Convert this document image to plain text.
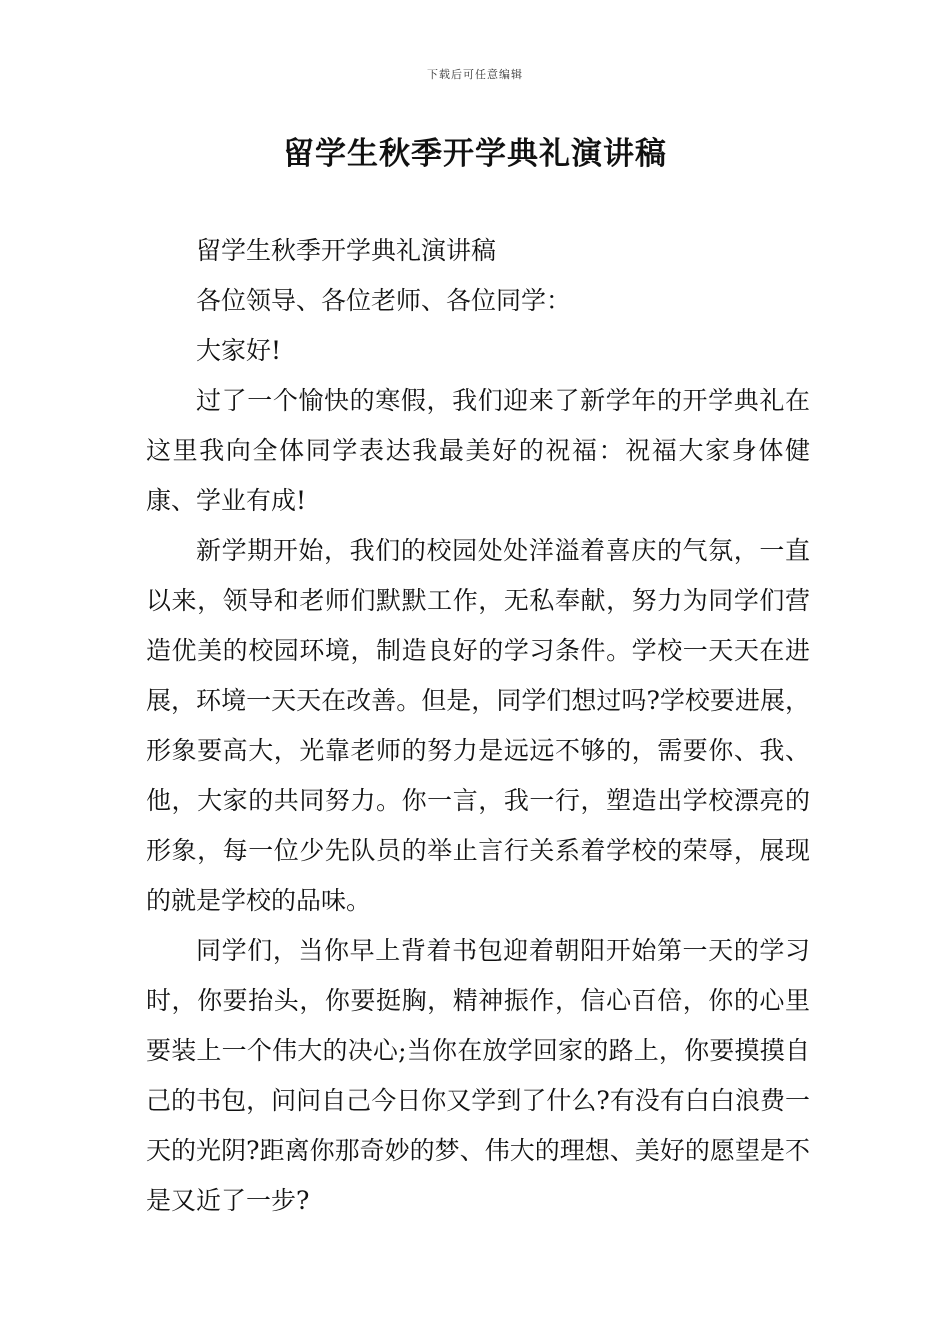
下载后可任意编辑
留学生秋季开学典礼演讲稿

留学生秋季开学典礼演讲稿

各位领导、各位老师、各位同学：

大家好!

过了一个愉快的寒假，我们迎来了新学年的开学典礼在这里我向全体同学表达我最美好的祝福：祝福大家身体健康、学业有成!

新学期开始，我们的校园处处洋溢着喜庆的气氛，一直以来，领导和老师们默默工作，无私奉献，努力为同学们营造优美的校园环境，制造良好的学习条件。学校一天天在进展，环境一天天在改善。但是，同学们想过吗?学校要进展，形象要高大，光靠老师的努力是远远不够的，需要你、我、他，大家的共同努力。你一言，我一行，塑造出学校漂亮的形象，每一位少先队员的举止言行关系着学校的荣辱，展现的就是学校的品味。

同学们，当你早上背着书包迎着朝阳开始第一天的学习时，你要抬头，你要挺胸，精神振作，信心百倍，你的心里要装上一个伟大的决心;当你在放学回家的路上，你要摸摸自己的书包，问问自己今日你又学到了什么?有没有白白浪费一天的光阴?距离你那奇妙的梦、伟大的理想、美好的愿望是不是又近了一步?
